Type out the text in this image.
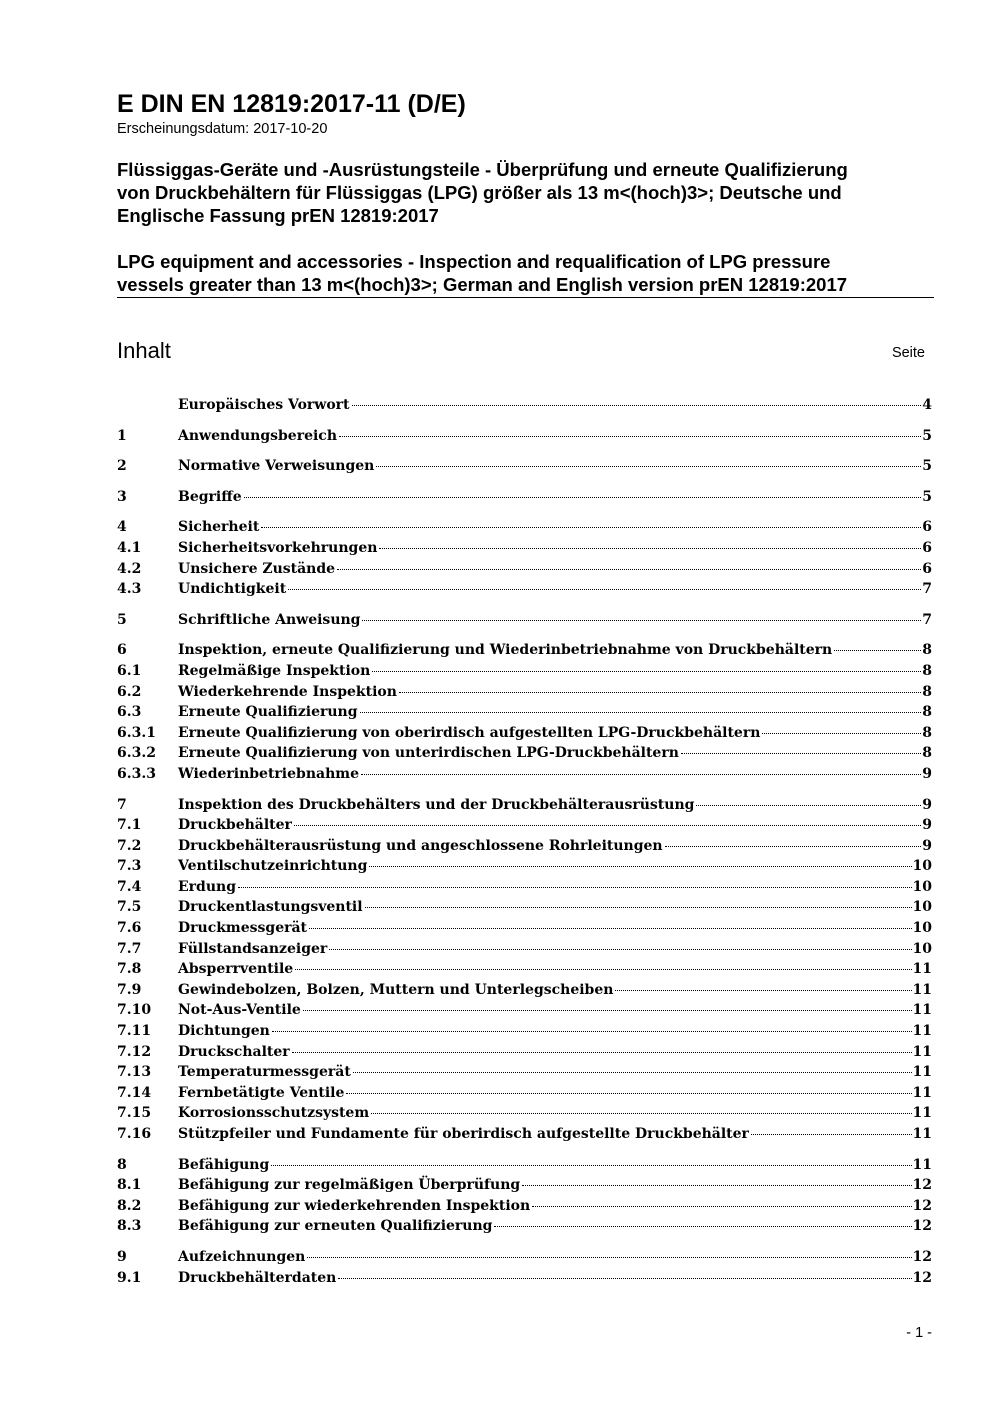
E DIN EN 12819:2017-11 (D/E)
Erscheinungsdatum: 2017-10-20
Flüssiggas-Geräte und -Ausrüstungsteile - Überprüfung und erneute Qualifizierung
von Druckbehältern für Flüssiggas (LPG) größer als 13 m<(hoch)3>; Deutsche und
Englische Fassung prEN 12819:2017
LPG equipment and accessories - Inspection and requalification of LPG pressure
vessels greater than 13 m<(hoch)3>; German and English version prEN 12819:2017
Inhalt	Seite
Europäisches Vorwort	4
1	Anwendungsbereich	5
2	Normative Verweisungen	5
3	Begriffe	5
4	Sicherheit	6
4.1	Sicherheitsvorkehrungen	6
4.2	Unsichere Zustände	6
4.3	Undichtigkeit	7
5	Schriftliche Anweisung	7
6	Inspektion, erneute Qualifizierung und Wiederinbetriebnahme von Druckbehältern	8
6.1	Regelmäßige Inspektion	8
6.2	Wiederkehrende Inspektion	8
6.3	Erneute Qualifizierung	8
6.3.1	Erneute Qualifizierung von oberirdisch aufgestellten LPG-Druckbehältern	8
6.3.2	Erneute Qualifizierung von unterirdischen LPG-Druckbehältern	8
6.3.3	Wiederinbetriebnahme	9
7	Inspektion des Druckbehälters und der Druckbehälterausrüstung	9
7.1	Druckbehälter	9
7.2	Druckbehälterausrüstung und angeschlossene Rohrleitungen	9
7.3	Ventilschutzeinrichtung	10
7.4	Erdung	10
7.5	Druckentlastungsventil	10
7.6	Druckmessgerät	10
7.7	Füllstandsanzeiger	10
7.8	Absperrventile	11
7.9	Gewindebolzen, Bolzen, Muttern und Unterlegscheiben	11
7.10	Not-Aus-Ventile	11
7.11	Dichtungen	11
7.12	Druckschalter	11
7.13	Temperaturmessgerät	11
7.14	Fernbetätigte Ventile	11
7.15	Korrosionsschutzsystem	11
7.16	Stützpfeiler und Fundamente für oberirdisch aufgestellte Druckbehälter	11
8	Befähigung	11
8.1	Befähigung zur regelmäßigen Überprüfung	12
8.2	Befähigung zur wiederkehrenden Inspektion	12
8.3	Befähigung zur erneuten Qualifizierung	12
9	Aufzeichnungen	12
9.1	Druckbehälterdaten	12
- 1 -
